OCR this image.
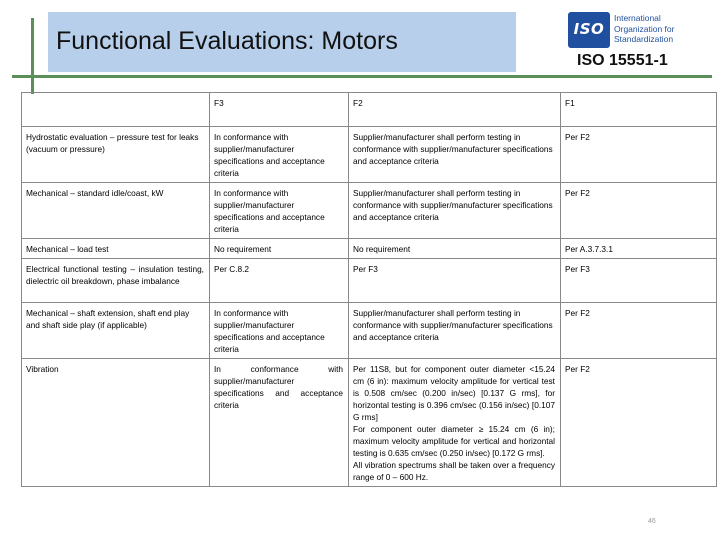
Functional Evaluations: Motors	ISO
International
Organization for
Standardization
ISO 15551-1
	F3	F2	F1
Hydrostatic evaluation – pressure test for leaks (vacuum or pressure)	In conformance with supplier/manufacturer specifications and acceptance criteria	Supplier/manufacturer shall perform testing in conformance with supplier/manufacturer specifications and acceptance criteria	Per F2
Mechanical – standard idle/coast, kW	In conformance with supplier/manufacturer specifications and acceptance criteria	Supplier/manufacturer shall perform testing in conformance with supplier/manufacturer specifications and acceptance criteria	Per F2
Mechanical – load test	No requirement	No requirement	Per A.3.7.3.1
Electrical functional testing – insulation testing, dielectric oil breakdown, phase imbalance	Per C.8.2	Per F3	Per F3
Mechanical – shaft extension, shaft end play and shaft side play (if applicable)	In conformance with supplier/manufacturer specifications and acceptance criteria	Supplier/manufacturer shall perform testing in conformance with supplier/manufacturer specifications and acceptance criteria	Per F2
Vibration	In conformance with supplier/manufacturer specifications and acceptance criteria	Per 11S8, but for component outer diameter <15.24 cm (6 in): maximum velocity amplitude for vertical test is 0.508 cm/sec (0.200 in/sec) [0.137 G rms], for horizontal testing is 0.396 cm/sec (0.156 in/sec) [0.107 G rms]
For component outer diameter ≥ 15.24 cm (6 in); maximum velocity amplitude for vertical and horizontal testing is 0.635 cm/sec (0.250 in/sec) [0.172 G rms].
All vibration spectrums shall be taken over a frequency range of 0 – 600 Hz.	Per F2
46
